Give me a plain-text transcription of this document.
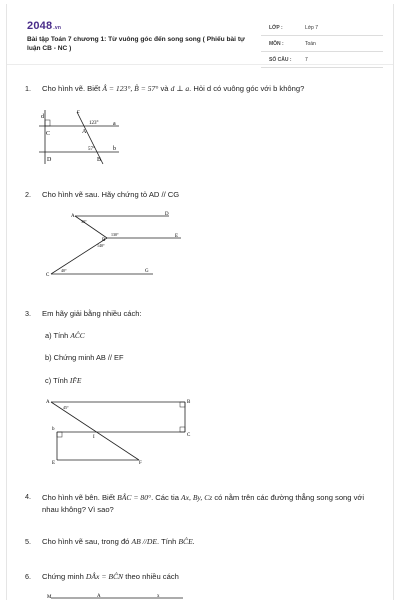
2048.vn
Bài tập Toán 7 chương 1: Từ vuông góc đến song song ( Phiếu bài tự luận CB - NC )
LỚP :	Lớp 7
MÔN :	Toán
SỐ CÂU :	7
1. Cho hình vẽ. Biết Â = 123°, B̂ = 57° và d ⊥ a. Hỏi d có vuông góc với b không?
d
C	A
123° a
57°	b
D	B
c
2. Cho hình vẽ sau. Hãy chứng tỏ AD // CG
A	D
30°
130°
B
E
140°
C
40°	G
3. Em hãy giải bằng nhiều cách:
a) Tính AĈC
b) Chứng minh AB // EF
c) Tính IF̂E
A
45°
B
b
C
E
I
F
4. Cho hình vẽ bên. Biết BÂC = 80°. Các tia Ax, By, Cz có nằm trên các đường thẳng song song với nhau không? Vì sao?
5. Cho hình vẽ sau, trong đó AB //DE. Tính BĈE.
6. Chứng minh DÂx = BĈN theo nhiều cách
M	A	x
